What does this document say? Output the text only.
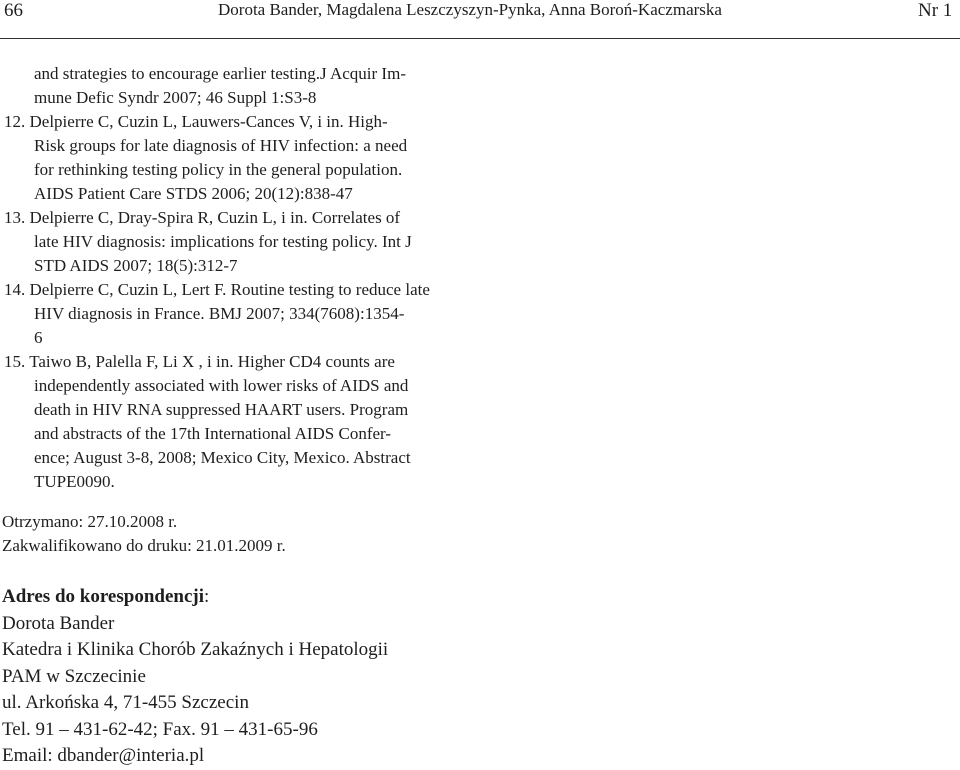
66	Dorota Bander, Magdalena Leszczyszyn-Pynka, Anna Boroń-Kaczmarska	Nr 1
and strategies to encourage earlier testing.J Acquir Im-
mune Defic Syndr 2007; 46 Suppl 1:S3-8
12. Delpierre C, Cuzin L, Lauwers-Cances V, i in. High-
Risk groups for late diagnosis of HIV infection: a need
for rethinking testing policy in the general population.
AIDS Patient Care STDS 2006; 20(12):838-47
13. Delpierre C, Dray-Spira R, Cuzin L, i in. Correlates of
late HIV diagnosis: implications for testing policy. Int J
STD AIDS 2007; 18(5):312-7
14. Delpierre C, Cuzin L, Lert F. Routine testing to reduce late
HIV diagnosis in France. BMJ 2007; 334(7608):1354-
6
15. Taiwo B, Palella F, Li X , i in. Higher CD4 counts are
independently associated with lower risks of AIDS and
death in HIV RNA suppressed HAART users. Program
and abstracts of the 17th International AIDS Confer-
ence; August 3-8, 2008; Mexico City, Mexico. Abstract
TUPE0090.
Otrzymano: 27.10.2008 r.
Zakwalifikowano do druku: 21.01.2009 r.
Adres do korespondencji:
Dorota Bander
Katedra i Klinika Chorób Zakaźnych i Hepatologii
PAM w Szczecinie
ul. Arkońska 4, 71-455 Szczecin
Tel. 91 – 431-62-42; Fax. 91 – 431-65-96
Email: dbander@interia.pl
